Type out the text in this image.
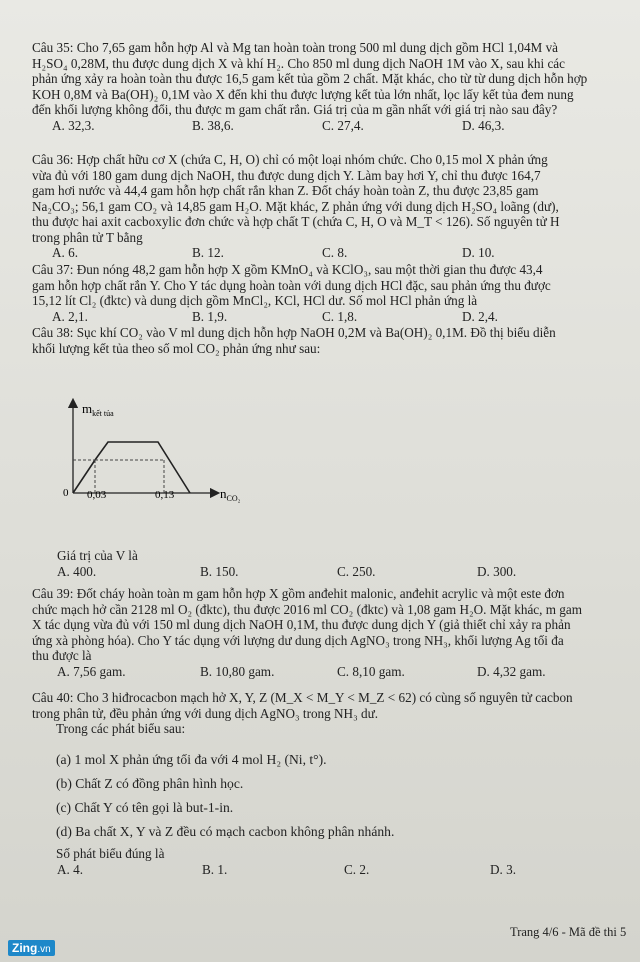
Câu 35: Cho 7,65 gam hỗn hợp Al và Mg tan hoàn toàn trong 500 ml dung dịch gồm HCl 1,04M và

H₂SO₄ 0,28M, thu được dung dịch X và khí H₂. Cho 850 ml dung dịch NaOH 1M vào X, sau khi các

phản ứng xảy ra hoàn toàn thu được 16,5 gam kết tủa gồm 2 chất. Mặt khác, cho từ từ dung dịch hỗn hợp

KOH 0,8M và Ba(OH)₂ 0,1M vào X đến khi thu được lượng kết tủa lớn nhất, lọc lấy kết tủa đem nung

đến khối lượng không đổi, thu được m gam chất rắn. Giá trị của m gần nhất với giá trị nào sau đây?

A. 32,3.	B. 38,6.	C. 27,4.	D. 46,3.

Câu 36: Hợp chất hữu cơ X (chứa C, H, O) chỉ có một loại nhóm chức. Cho 0,15 mol X phản ứng

vừa đủ với 180 gam dung dịch NaOH, thu được dung dịch Y. Làm bay hơi Y, chỉ thu được 164,7

gam hơi nước và 44,4 gam hỗn hợp chất rắn khan Z. Đốt cháy hoàn toàn Z, thu được 23,85 gam

Na₂CO₃; 56,1 gam CO₂ và 14,85 gam H₂O. Mặt khác, Z phản ứng với dung dịch H₂SO₄ loãng (dư),

thu được hai axit cacboxylic đơn chức và hợp chất T (chứa C, H, O và M_T < 126). Số nguyên tử H

trong phân tử T bằng

A. 6.	B. 12.	C. 8.	D. 10.

Câu 37: Đun nóng 48,2 gam hỗn hợp X gồm KMnO₄ và KClO₃, sau một thời gian thu được 43,4

gam hỗn hợp chất rắn Y. Cho Y tác dụng hoàn toàn với dung dịch HCl đặc, sau phản ứng thu được

15,12 lít Cl₂ (đktc) và dung dịch gồm MnCl₂, KCl, HCl dư. Số mol HCl phản ứng là

A. 2,1.	B. 1,9.	C. 1,8.	D. 2,4.

Câu 38: Sục khí CO₂ vào V ml dung dịch hỗn hợp NaOH 0,2M và Ba(OH)₂ 0,1M. Đồ thị biểu diễn

khối lượng kết tủa theo số mol CO₂ phản ứng như sau:

$m_{kết tủa}$
0 0,03	0,13	$n_{CO_2}$

Giá trị của V là

A. 400.	B. 150.	C. 250.	D. 300.

Câu 39: Đốt cháy hoàn toàn m gam hỗn hợp X gồm anđehit malonic, anđehit acrylic và một este đơn

chức mạch hở cần 2128 ml O₂ (đktc), thu được 2016 ml CO₂ (đktc) và 1,08 gam H₂O. Mặt khác, m gam

X tác dụng vừa đủ với 150 ml dung dịch NaOH 0,1M, thu được dung dịch Y (giả thiết chỉ xảy ra phản

ứng xà phòng hóa). Cho Y tác dụng với lượng dư dung dịch AgNO₃ trong NH₃, khối lượng Ag tối đa

thu được là

A. 7,56 gam.	B. 10,80 gam.	C. 8,10 gam.	D. 4,32 gam.

Câu 40: Cho 3 hiđrocacbon mạch hở X, Y, Z (M_X < M_Y < M_Z < 62) có cùng số nguyên tử cacbon

trong phân tử, đều phản ứng với dung dịch AgNO₃ trong NH₃ dư.

Trong các phát biểu sau:

(a) 1 mol X phản ứng tối đa với 4 mol H₂ (Ni, t°).
(b) Chất Z có đồng phân hình học.
(c) Chất Y có tên gọi là but-1-in.
(d) Ba chất X, Y và Z đều có mạch cacbon không phân nhánh.

Số phát biểu đúng là

A. 4.	B. 1.	C. 2.	D. 3.
Trang 4/6 - Mã đề thi 5
Zing.vn
